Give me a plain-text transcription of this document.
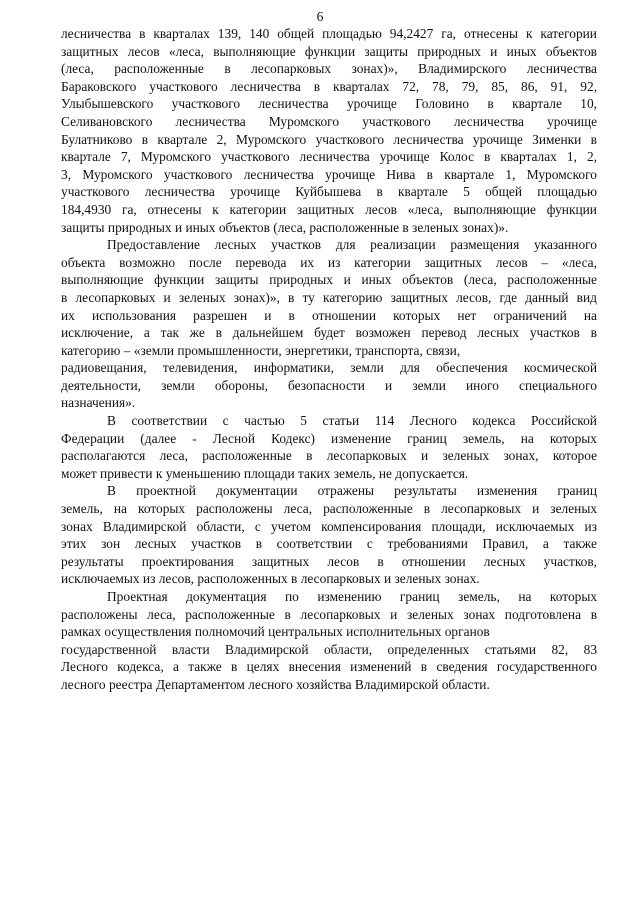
6
лесничества в кварталах 139, 140 общей площадью 94,2427 га, отнесены к категории
защитных лесов «леса, выполняющие функции защиты природных и иных объектов
(леса, расположенные в лесопарковых зонах)», Владимирского лесничества
Бараковского участкового лесничества в кварталах 72, 78, 79, 85, 86, 91, 92,
Улыбышевского участкового лесничества урочище Головино в квартале 10,
Селивановского лесничества Муромского участкового лесничества урочище
Булатниково в квартале 2, Муромского участкового лесничества урочище Зименки в
квартале 7, Муромского участкового лесничества урочище Колос в кварталах 1, 2,
3, Муромского участкового лесничества урочище Нива в квартале 1, Муромского
участкового лесничества урочище Куйбышева в квартале 5 общей площадью
184,4930 га, отнесены к категории защитных лесов «леса, выполняющие функции
защиты природных и иных объектов (леса, расположенные в зеленых зонах)».
Предоставление лесных участков для реализации размещения указанного
объекта возможно после перевода их из категории защитных лесов – «леса,
выполняющие функции защиты природных и иных объектов (леса, расположенные
в лесопарковых и зеленых зонах)», в ту категорию защитных лесов, где данный вид
их использования разрешен и в отношении которых нет ограничений на
исключение, а так же в дальнейшем будет возможен перевод лесных участков в
категорию – «земли промышленности, энергетики, транспорта, связи,
радиовещания, телевидения, информатики, земли для обеспечения космической
деятельности, земли обороны, безопасности и земли иного специального
назначения».
В соответствии с частью 5 статьи 114 Лесного кодекса Российской
Федерации (далее - Лесной Кодекс) изменение границ земель, на которых
располагаются леса, расположенные в лесопарковых и зеленых зонах, которое
может привести к уменьшению площади таких земель, не допускается.
В проектной документации отражены результаты изменения границ
земель, на которых расположены леса, расположенные в лесопарковых и зеленых
зонах Владимирской области, с учетом компенсирования площади, исключаемых из
этих зон лесных участков в соответствии с требованиями Правил, а также
результаты проектирования защитных лесов в отношении лесных участков,
исключаемых из лесов, расположенных в лесопарковых и зеленых зонах.
Проектная документация по изменению границ земель, на которых
расположены леса, расположенные в лесопарковых и зеленых зонах подготовлена в
рамках осуществления полномочий центральных исполнительных органов
государственной власти Владимирской области, определенных статьями 82, 83
Лесного кодекса, а также в целях внесения изменений в сведения государственного
лесного реестра Департаментом лесного хозяйства Владимирской области.
